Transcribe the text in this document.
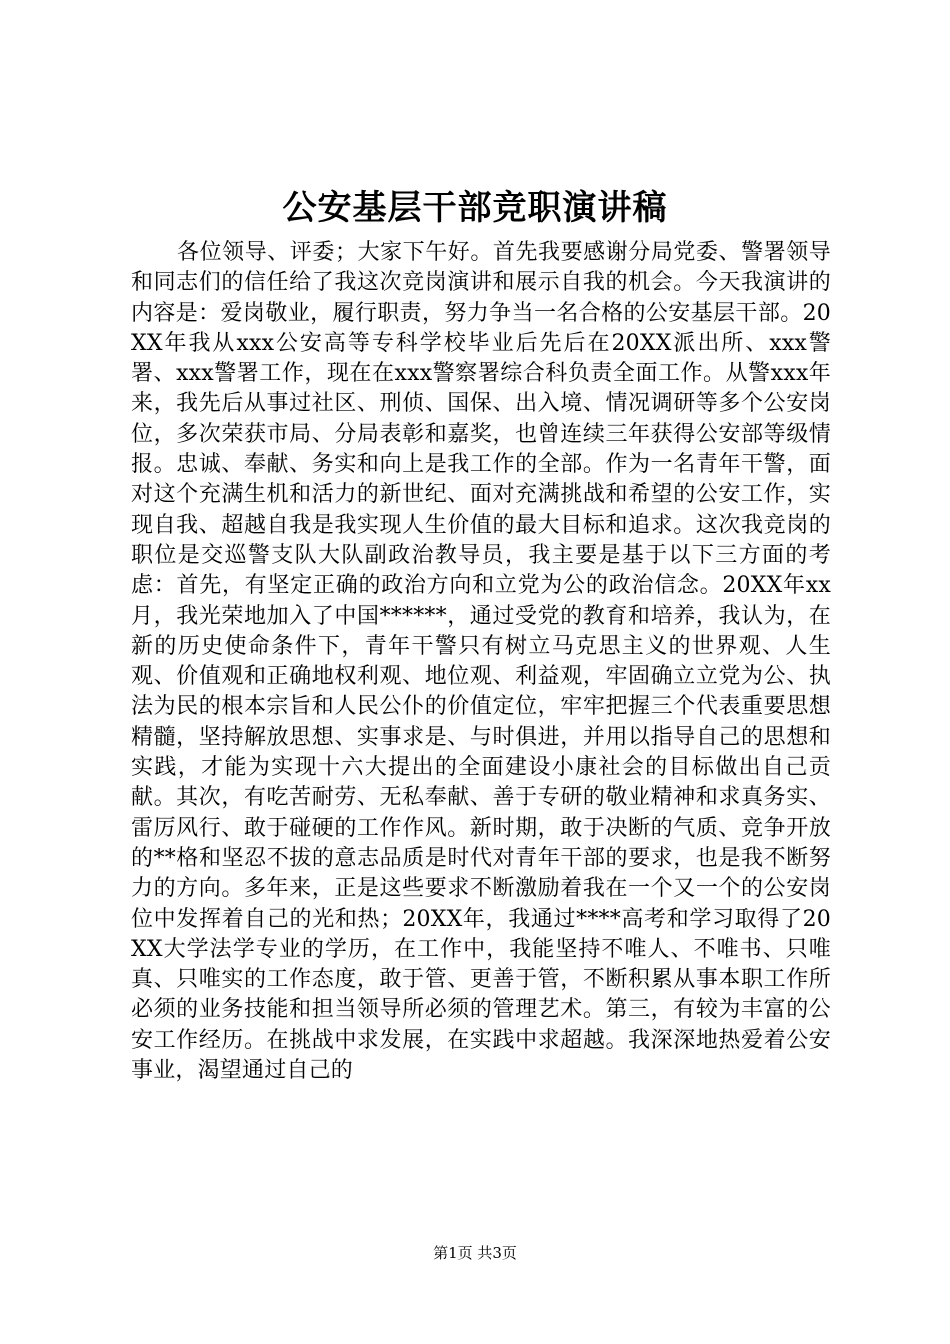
公安基层干部竞职演讲稿

各位领导、评委；大家下午好。首先我要感谢分局党委、警署领导和同志们的信任给了我这次竞岗演讲和展示自我的机会。今天我演讲的内容是：爱岗敬业，履行职责，努力争当一名合格的公安基层干部。20XX年我从xxx公安高等专科学校毕业后先后在20XX派出所、xxx警署、xxx警署工作，现在在xxx警察署综合科负责全面工作。从警xxx年来，我先后从事过社区、刑侦、国保、出入境、情况调研等多个公安岗位，多次荣获市局、分局表彰和嘉奖，也曾连续三年获得公安部等级情报。忠诚、奉献、务实和向上是我工作的全部。作为一名青年干警，面对这个充满生机和活力的新世纪、面对充满挑战和希望的公安工作，实现自我、超越自我是我实现人生价值的最大目标和追求。这次我竞岗的职位是交巡警支队大队副政治教导员，我主要是基于以下三方面的考虑：首先，有坚定正确的政治方向和立党为公的政治信念。20XX年xx月，我光荣地加入了中国******，通过受党的教育和培养，我认为，在新的历史使命条件下，青年干警只有树立马克思主义的世界观、人生观、价值观和正确地权利观、地位观、利益观，牢固确立立党为公、执法为民的根本宗旨和人民公仆的价值定位，牢牢把握三个代表重要思想精髓，坚持解放思想、实事求是、与时俱进，并用以指导自己的思想和实践，才能为实现十六大提出的全面建设小康社会的目标做出自己贡献。其次，有吃苦耐劳、无私奉献、善于专研的敬业精神和求真务实、雷厉风行、敢于碰硬的工作作风。新时期，敢于决断的气质、竞争开放的**格和坚忍不拔的意志品质是时代对青年干部的要求，也是我不断努力的方向。多年来，正是这些要求不断激励着我在一个又一个的公安岗位中发挥着自己的光和热；20XX年，我通过****高考和学习取得了20XX大学法学专业的学历，在工作中，我能坚持不唯人、不唯书、只唯真、只唯实的工作态度，敢于管、更善于管，不断积累从事本职工作所必须的业务技能和担当领导所必须的管理艺术。第三，有较为丰富的公安工作经历。在挑战中求发展，在实践中求超越。我深深地热爱着公安事业，渴望通过自己的

第1页 共3页
